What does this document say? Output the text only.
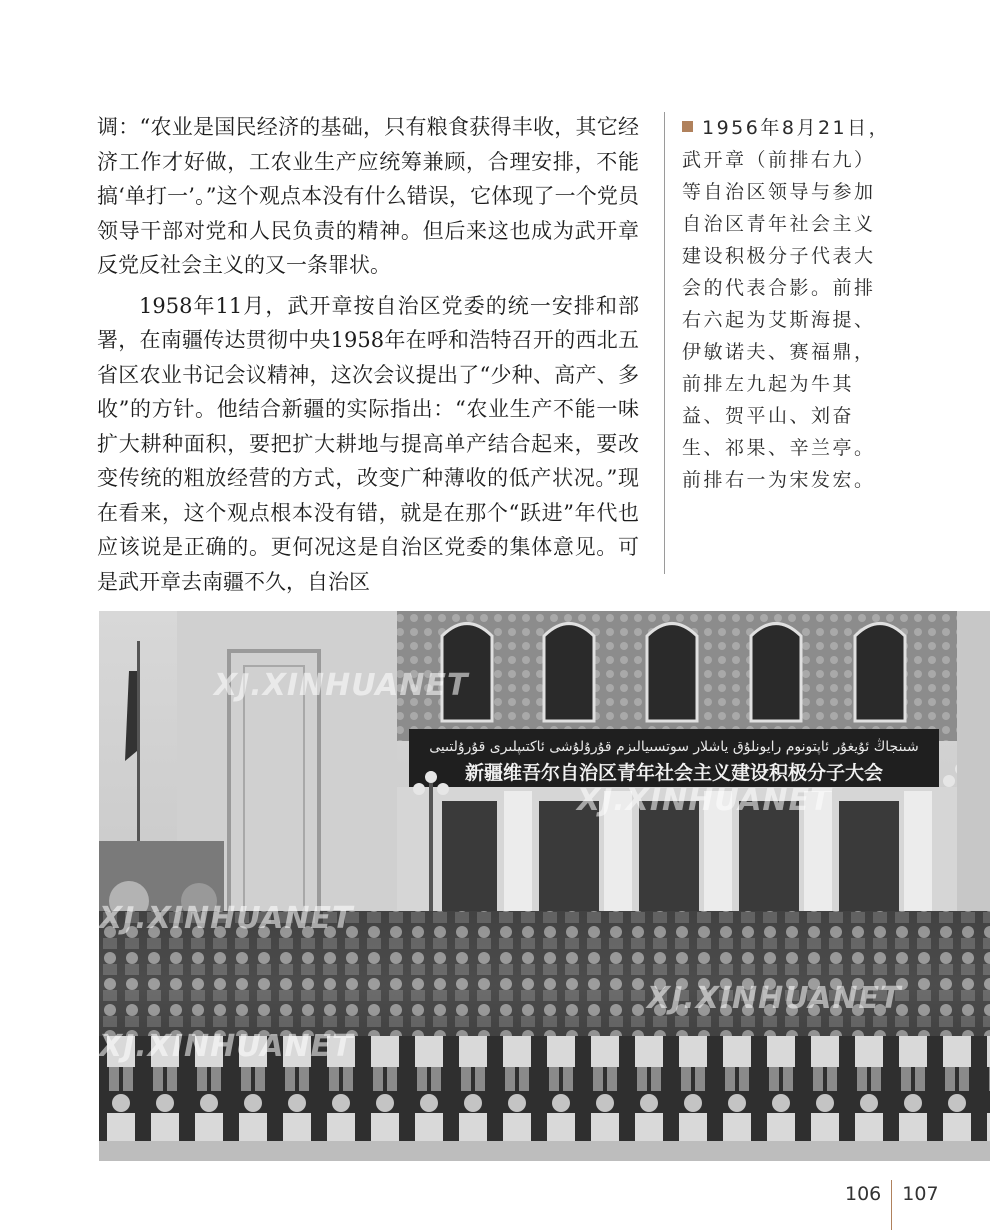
调：“农业是国民经济的基础，只有粮食获得丰收，其它经济工作才好做，工农业生产应统筹兼顾，合理安排，不能搞‘单打一’。”这个观点本没有什么错误，它体现了一个党员领导干部对党和人民负责的精神。但后来这也成为武开章反党反社会主义的又一条罪状。

1958年11月，武开章按自治区党委的统一安排和部署，在南疆传达贯彻中央1958年在呼和浩特召开的西北五省区农业书记会议精神，这次会议提出了“少种、高产、多收”的方针。他结合新疆的实际指出：“农业生产不能一味扩大耕种面积，要把扩大耕地与提高单产结合起来，要改变传统的粗放经营的方式，改变广种薄收的低产状况。”现在看来，这个观点根本没有错，就是在那个“跃进”年代也应该说是正确的。更何况这是自治区党委的集体意见。可是武开章去南疆不久，自治区

1956年8月21日，武开章（前排右九）等自治区领导与参加自治区青年社会主义建设积极分子代表大会的代表合影。前排右六起为艾斯海提、伊敏诺夫、赛福鼎，前排左九起为牛其益、贺平山、刘奋生、祁果、辛兰亭。前排右一为宋发宏。
شىنجاڭ ئۇيغۇر ئاپتونوم رايونلۇق ياشلار سوتسىيالىزم قۇرۇلۇشى ئاكتىپلىرى قۇرۇلتىيى
新疆维吾尔自治区青年社会主义建设积极分子大会
XJ.XINHUANET
XJ.XINHUANET
XJ.XINHUANET
XJ.XINHUANET
XJ.XINHUANET
106 107
